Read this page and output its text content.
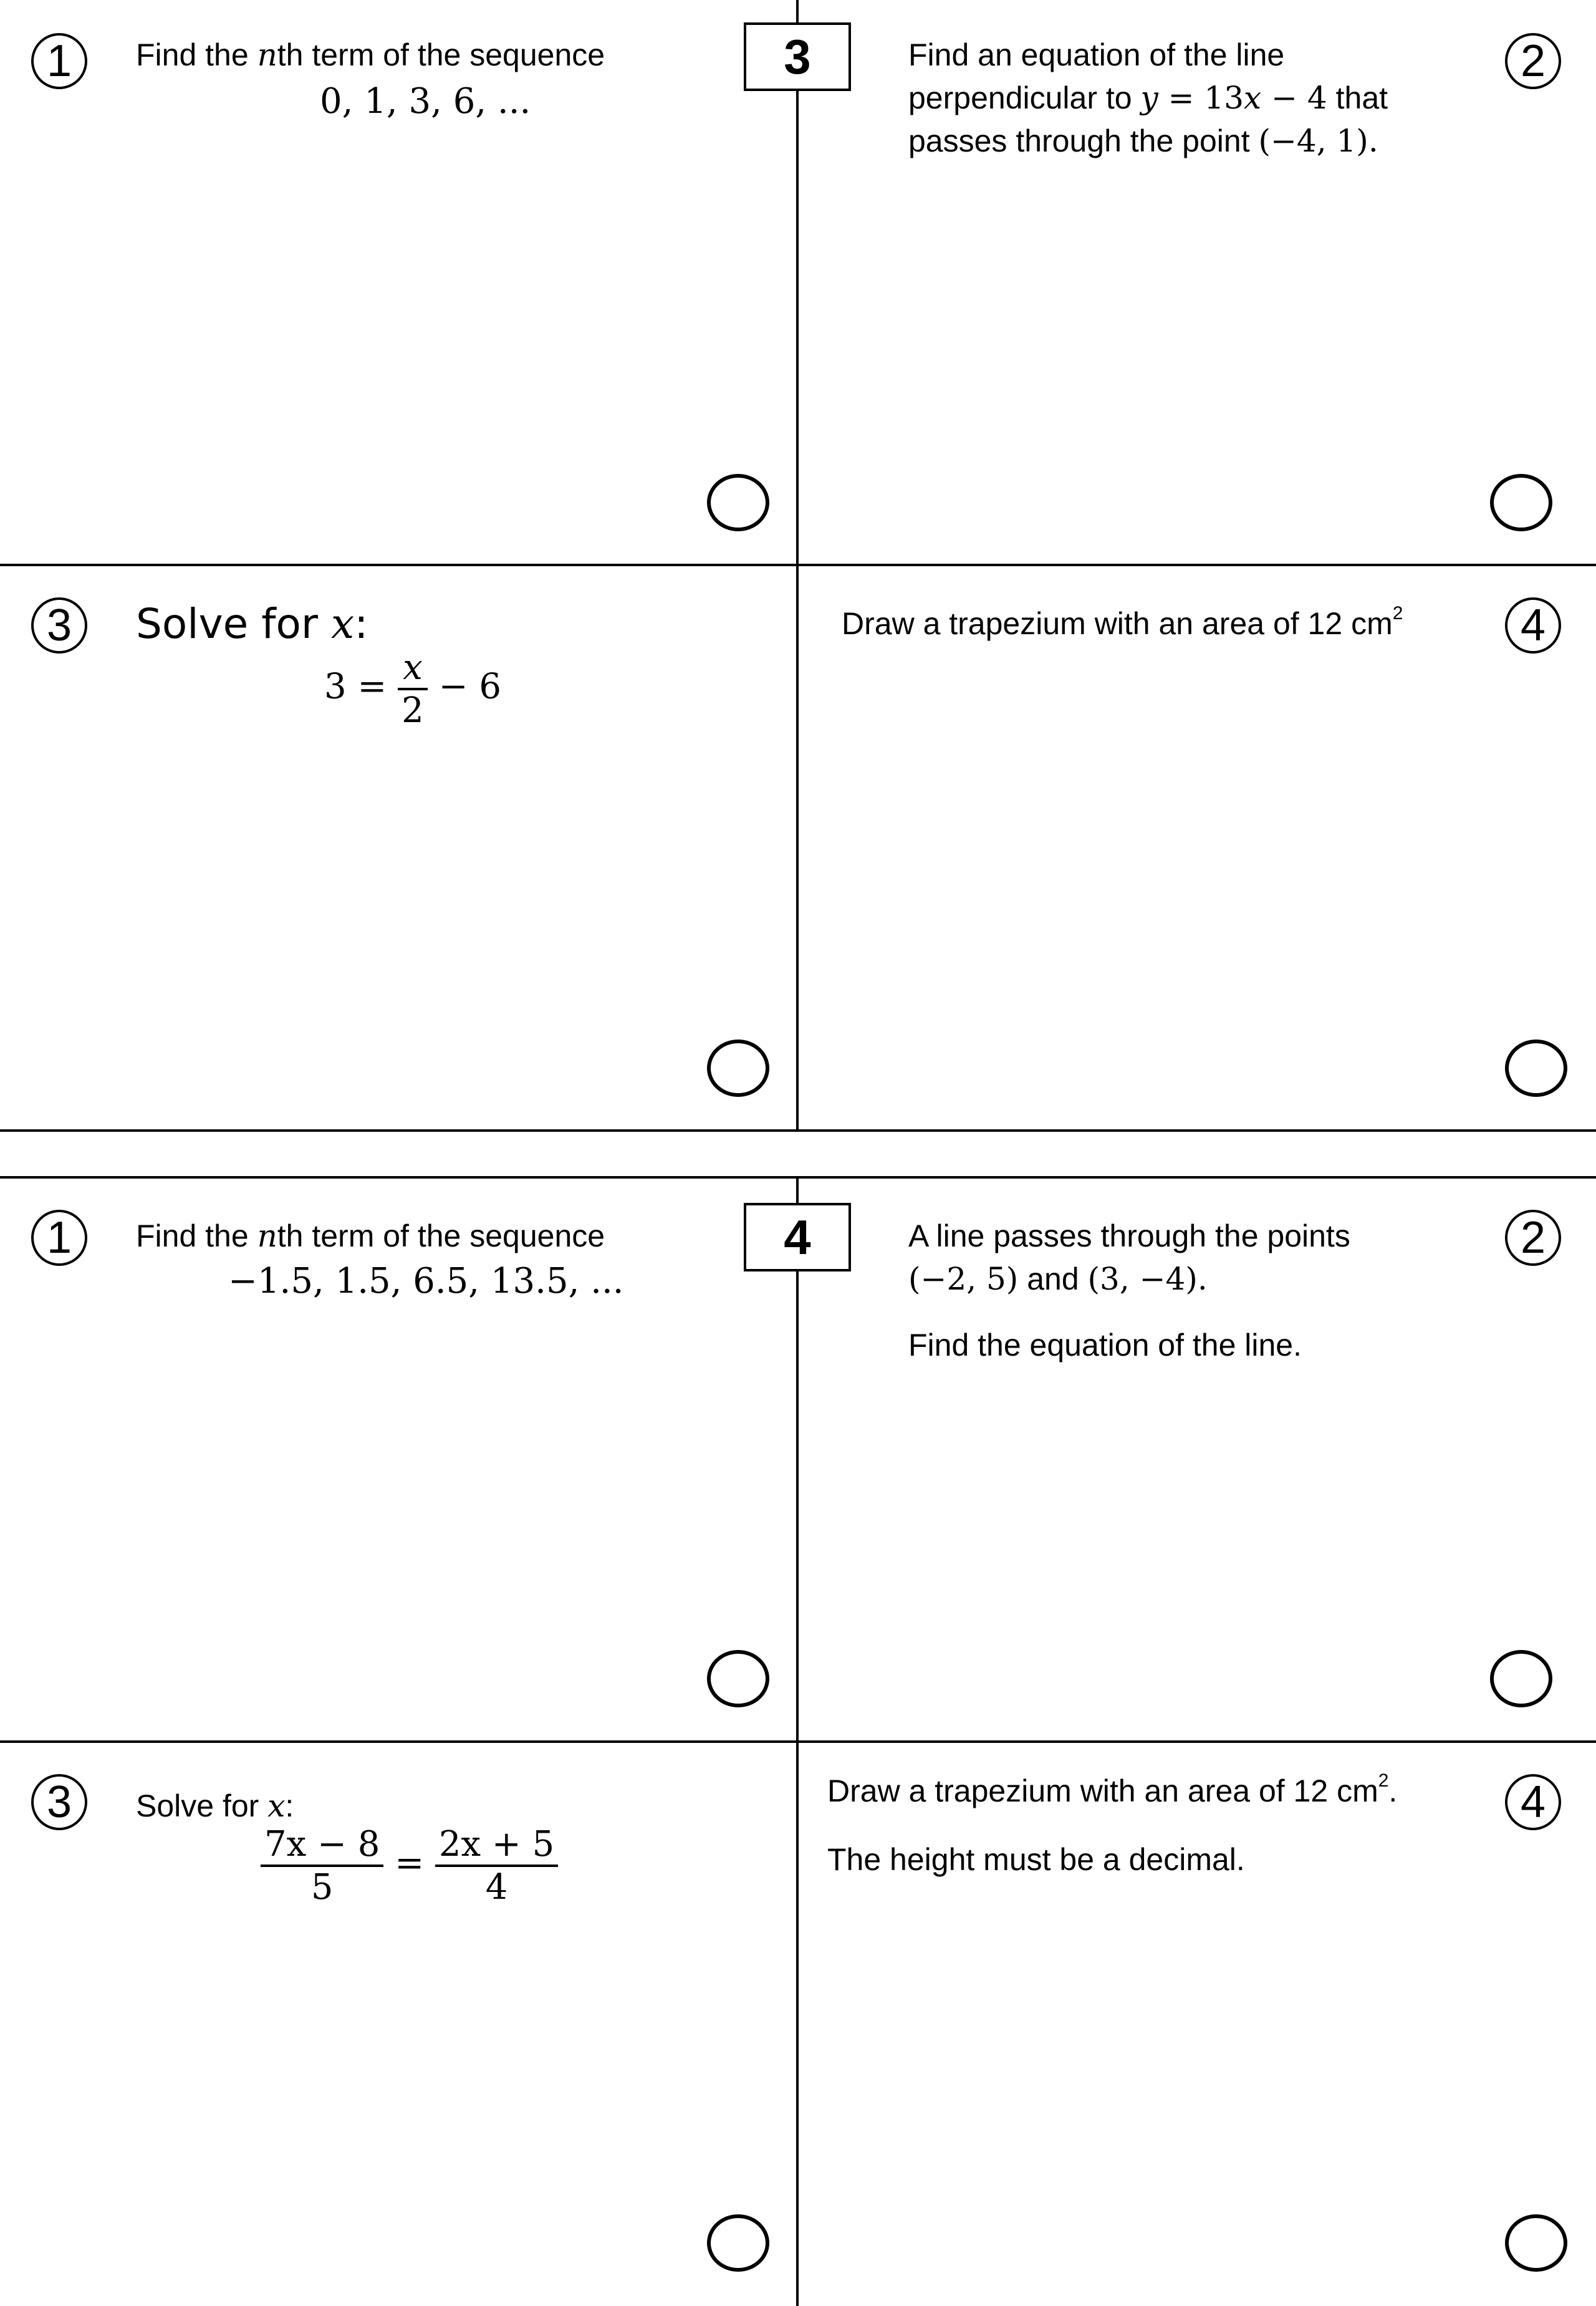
3
1 Find the nth term of the sequence
0, 1, 3, 6, ...
2
Find an equation of the line
perpendicular to y = 13x − 4 that
passes through the point (−4, 1).
3 Solve for x:
$3 = \frac{x}{2} - 6$
4
Draw a trapezium with an area of 12 $cm^2$
4
1 Find the nth term of the sequence
−1.5, 1.5, 6.5, 13.5, ...
2
A line passes through the points
(−2, 5) and (3, −4).
Find the equation of the line.
3 Solve for x:
$\frac{7x - 8}{5} = \frac{2x + 5}{4}$
4
Draw a trapezium with an area of 12 $cm^2$.
The height must be a decimal.
